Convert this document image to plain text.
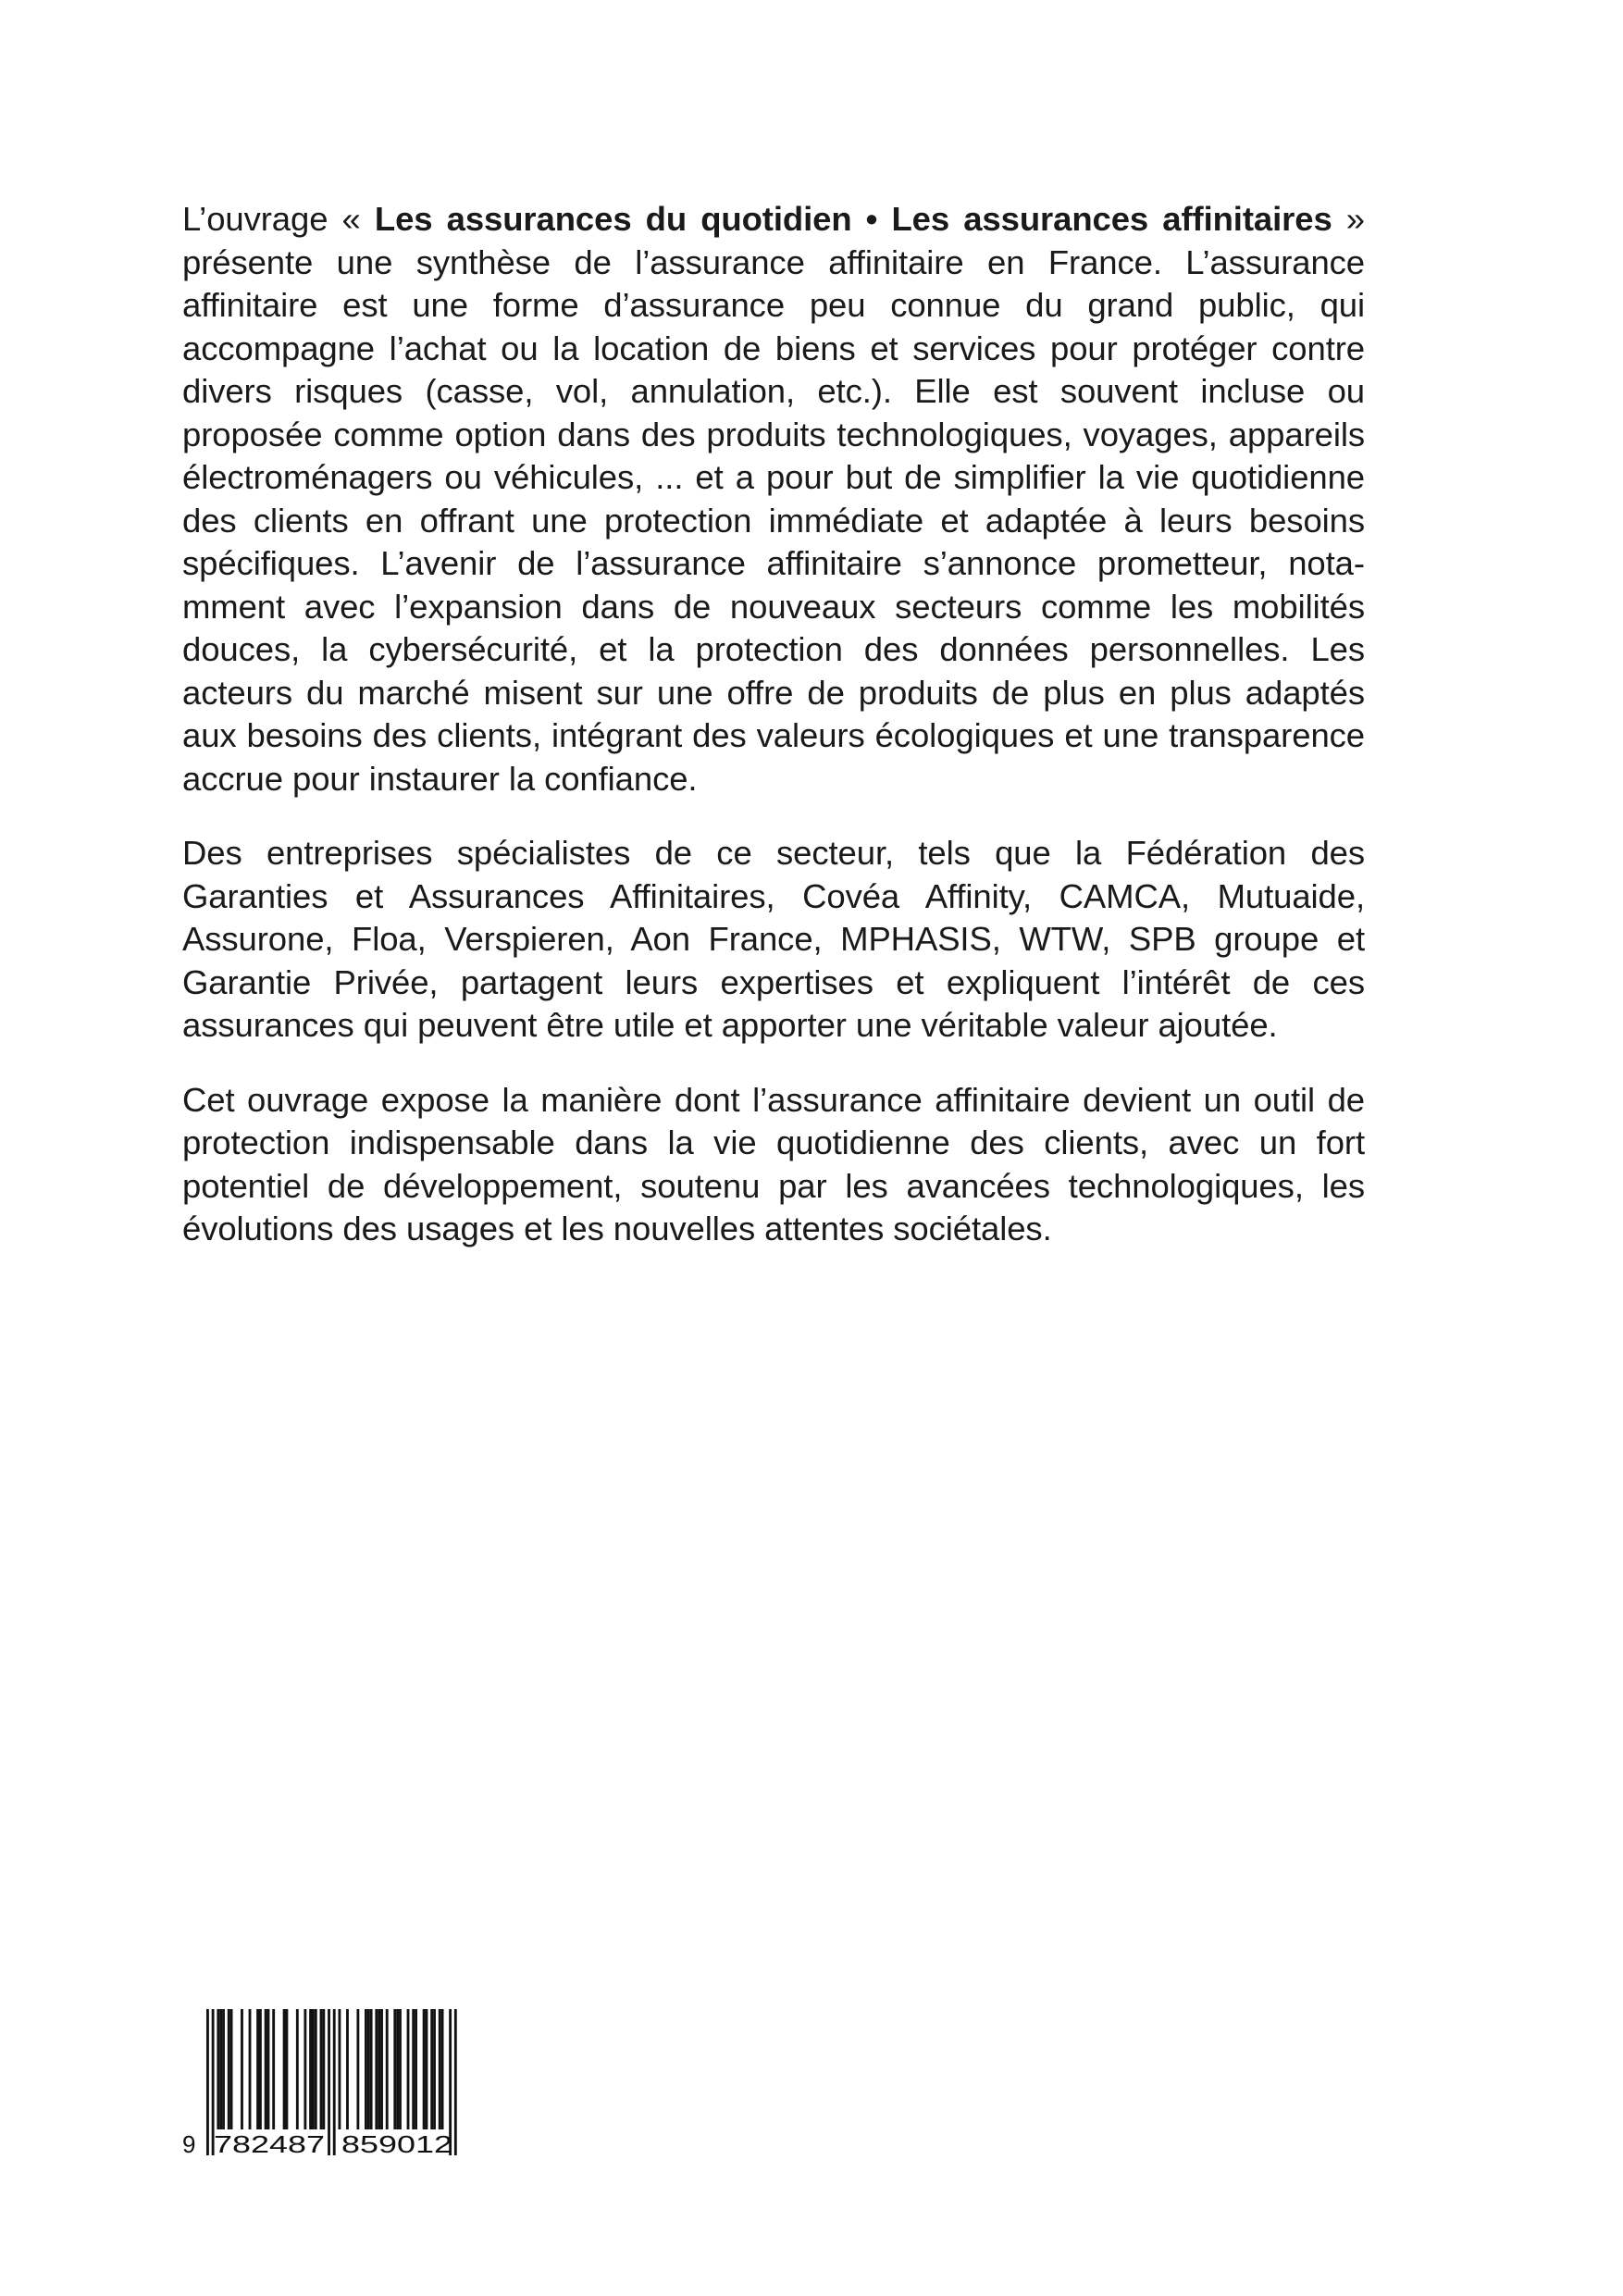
L’ouvrage « Les assurances du quotidien • Les assurances affinitaires » présente une synthèse de l’assurance affinitaire en France. L’assurance affinitaire est une forme d’assurance peu connue du grand public, qui accompagne l’achat ou la location de biens et services pour protéger contre divers risques (casse, vol, annulation, etc.). Elle est souvent incluse ou proposée comme option dans des produits technologiques, voyages, appareils électroménagers ou véhicules, ... et a pour but de simplifier la vie quotidienne des clients en offrant une protection immédiate et adaptée à leurs besoins spécifiques. L’avenir de l’assurance affinitaire s’annonce prometteur, notamment avec l’expansion dans de nouveaux secteurs comme les mobilités douces, la cybersécurité, et la protection des données personnelles. Les acteurs du marché misent sur une offre de produits de plus en plus adaptés aux besoins des clients, intégrant des valeurs écologiques et une transparence accrue pour instaurer la confiance.

Des entreprises spécialistes de ce secteur, tels que la Fédération des Garanties et Assurances Affinitaires, Covéa Affinity, CAMCA, Mutuaide, Assurone, Floa, Verspieren, Aon France, MPHASIS, WTW, SPB groupe et Garantie Privée, partagent leurs expertises et expliquent l’intérêt de ces assurances qui peuvent être utile et apporter une véritable valeur ajoutée.

Cet ouvrage expose la manière dont l’assurance affinitaire devient un outil de protection indispensable dans la vie quotidienne des clients, avec un fort potentiel de développement, soutenu par les avancées technologiques, les évolutions des usages et les nouvelles attentes sociétales.

9 782487 859012
